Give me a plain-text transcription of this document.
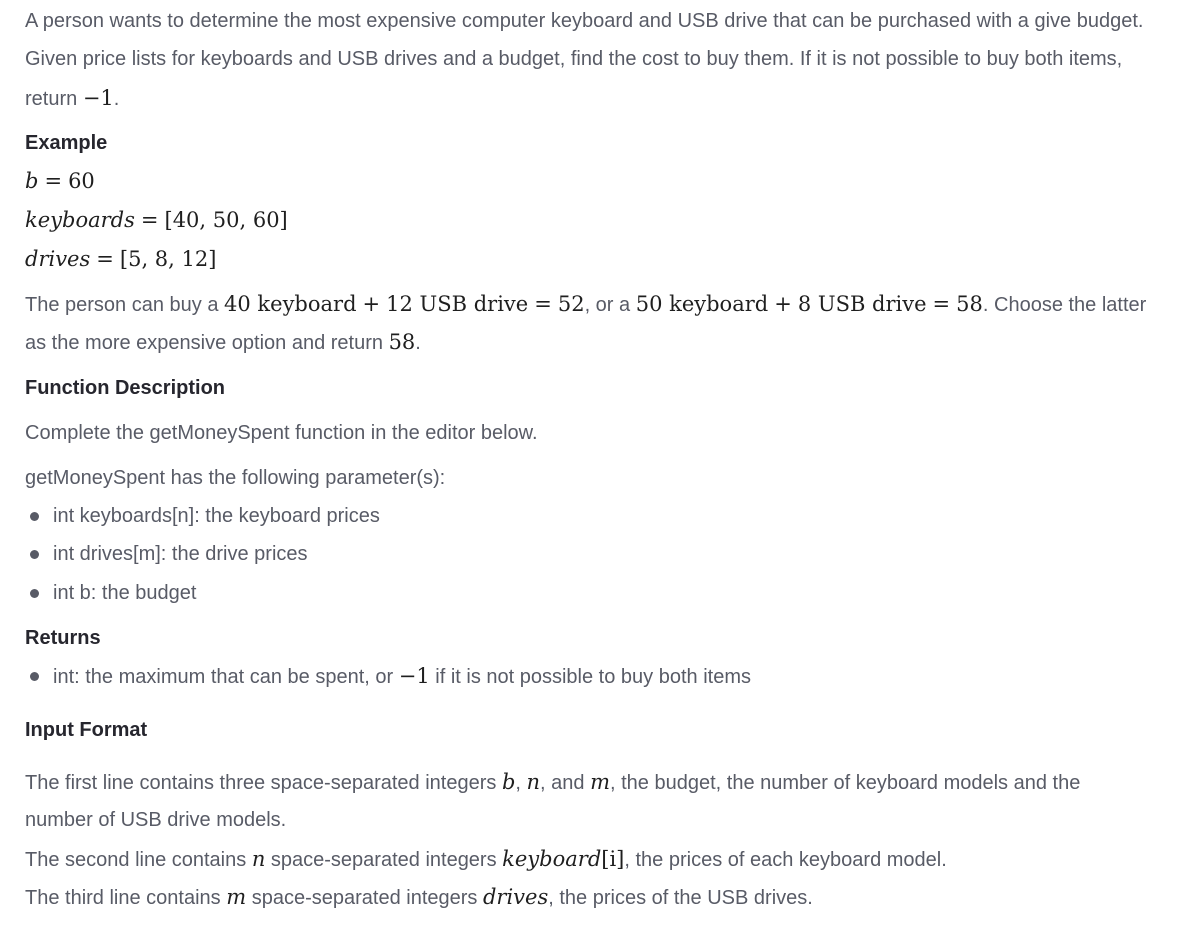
A person wants to determine the most expensive computer keyboard and USB drive that can be purchased with a give budget.
Given price lists for keyboards and USB drives and a budget, find the cost to buy them. If it is not possible to buy both items,
return −1.
Example
b = 60
keyboards = [40, 50, 60]
drives = [5, 8, 12]
The person can buy a 40 keyboard + 12 USB drive = 52, or a 50 keyboard + 8 USB drive = 58. Choose the latter
as the more expensive option and return 58.
Function Description
Complete the getMoneySpent function in the editor below.
getMoneySpent has the following parameter(s):
int keyboards[n]: the keyboard prices
int drives[m]: the drive prices
int b: the budget
Returns
int: the maximum that can be spent, or −1 if it is not possible to buy both items
Input Format
The first line contains three space-separated integers b, n, and m, the budget, the number of keyboard models and the
number of USB drive models.
The second line contains n space-separated integers keyboard[i], the prices of each keyboard model.
The third line contains m space-separated integers drives, the prices of the USB drives.
